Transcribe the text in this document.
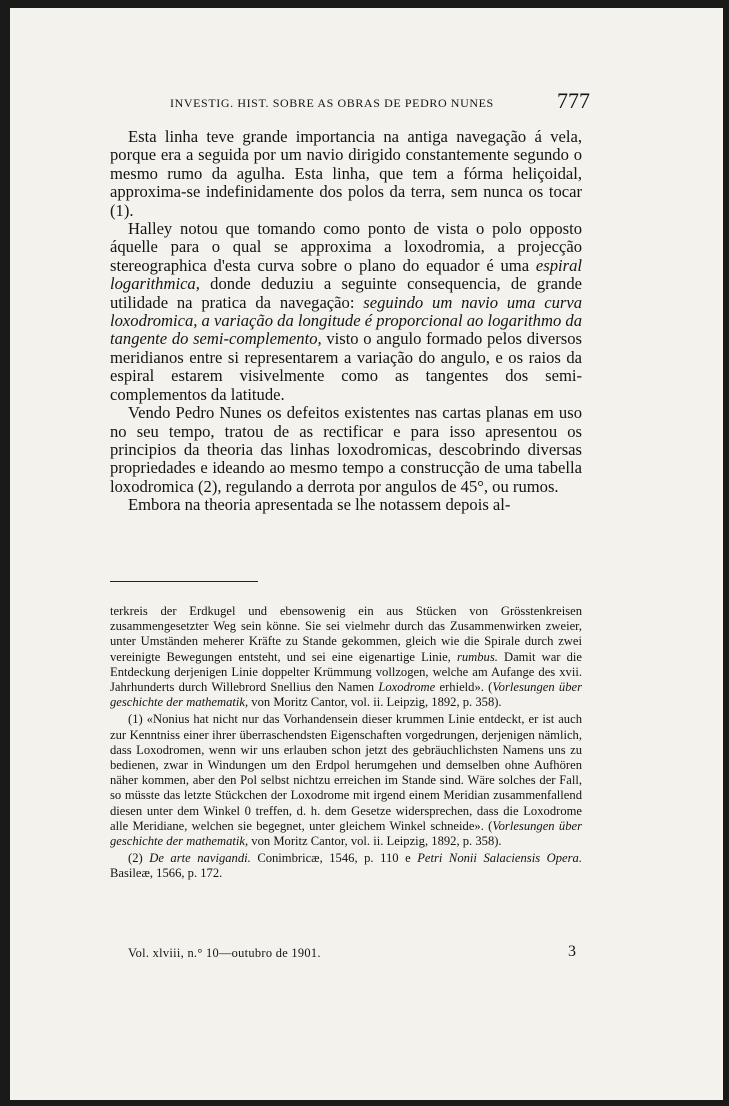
INVESTIG. HIST. SOBRE AS OBRAS DE PEDRO NUNES	777

Esta linha teve grande importancia na antiga navegação á vela, porque era a seguida por um navio dirigido constantemente segundo o mesmo rumo da agulha. Esta linha, que tem a fórma heliçoidal, approxima-se indefinidamente dos polos da terra, sem nunca os tocar (1).

Halley notou que tomando como ponto de vista o polo opposto áquelle para o qual se approxima a loxodromia, a projecção stereographica d'esta curva sobre o plano do equador é uma espiral logarithmica, donde deduziu a seguinte consequencia, de grande utilidade na pratica da navegação: seguindo um navio uma curva loxodromica, a variação da longitude é proporcional ao logarithmo da tangente do semi-complemento, visto o angulo formado pelos diversos meridianos entre si representarem a variação do angulo, e os raios da espiral estarem visivelmente como as tangentes dos semi-complementos da latitude.

Vendo Pedro Nunes os defeitos existentes nas cartas planas em uso no seu tempo, tratou de as rectificar e para isso apresentou os principios da theoria das linhas loxodromicas, descobrindo diversas propriedades e ideando ao mesmo tempo a construcção de uma tabella loxodromica (2), regulando a derrota por angulos de 45°, ou rumos.

Embora na theoria apresentada se lhe notassem depois al-

terkreis der Erdkugel und ebensowenig ein aus Stücken von Grösstenkreisen zusammengesetzter Weg sein könne. Sie sei vielmehr durch das Zusammenwirken zweier, unter Umständen meherer Kräfte zu Stande gekommen, gleich wie die Spirale durch zwei vereinigte Bewegungen entsteht, und sei eine eigenartige Linie, rumbus. Damit war die Entdeckung derjenigen Linie doppelter Krümmung vollzogen, welche am Aufange des xvii. Jahrhunderts durch Willebrord Snellius den Namen Loxodrome erhield». (Vorlesungen über geschichte der mathematik, von Moritz Cantor, vol. ii. Leipzig, 1892, p. 358).

(1) «Nonius hat nicht nur das Vorhandensein dieser krummen Linie entdeckt, er ist auch zur Kenntniss einer ihrer überraschendsten Eigenschaften vorgedrungen, derjenigen nämlich, dass Loxodromen, wenn wir uns erlauben schon jetzt des gebräuchlichsten Namens uns zu bedienen, zwar in Windungen um den Erdpol herumgehen und demselben ohne Aufhören näher kommen, aber den Pol selbst nichtzu erreichen im Stande sind. Wäre solches der Fall, so müsste das letzte Stückchen der Loxodrome mit irgend einem Meridian zusammenfallend diesen unter dem Winkel 0 treffen, d. h. dem Gesetze widersprechen, dass die Loxodrome alle Meridiane, welchen sie begegnet, unter gleichem Winkel schneide». (Vorlesungen über geschichte der mathematik, von Moritz Cantor, vol. ii. Leipzig, 1892, p. 358).

(2) De arte navigandi. Conimbricæ, 1546, p. 110 e Petri Nonii Salaciensis Opera. Basileæ, 1566, p. 172.

Vol. xlviii, n.° 10—outubro de 1901.	3
